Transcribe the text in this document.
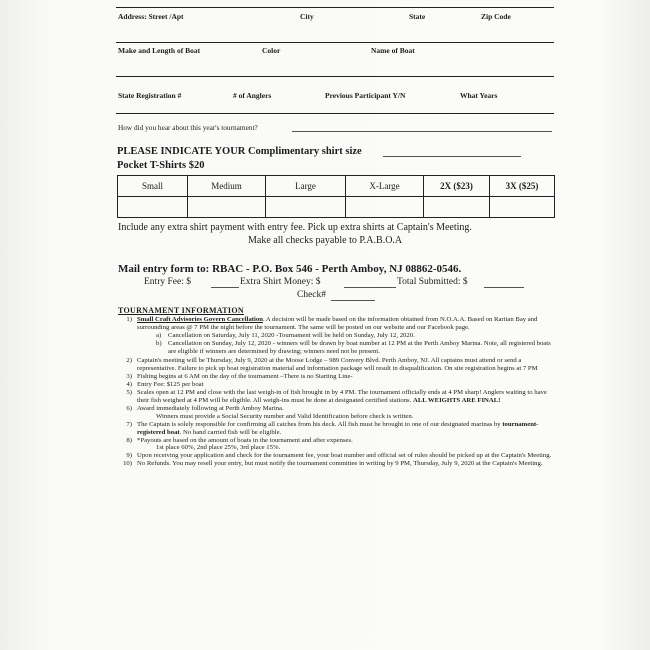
Address: Street /Apt	City	State	Zip Code
Make and Length of Boat	Color	Name of Boat
State Registration #	# of Anglers	Previous Participant Y/N	What Years
How did you hear about this year's tournament?
PLEASE INDICATE YOUR Complimentary shirt size
Pocket T-Shirts $20
Small	Medium	Large	X-Large	2X ($23)	3X ($25)

Include any extra shirt payment with entry fee. Pick up extra shirts at Captain's Meeting.
Make all checks payable to P.A.B.O.A
Mail entry form to: RBAC - P.O. Box 546 - Perth Amboy, NJ 08862-0546.
Entry Fee: $	Extra Shirt Money: $	Total Submitted: $
Check#
TOURNAMENT INFORMATION
1) Small Craft Advisories Govern Cancellation. A decision will be made based on the information obtained from N.O.A.A. Based on Raritan Bay and surrounding areas @ 7 PM the night before the tournament. The same will be posted on our website and our Facebook page.
a)	Cancellation on Saturday, July 11, 2020 -Tournament will be held on Sunday, July 12, 2020.
b) Cancellation on Sunday, July 12, 2020 - winners will be drawn by boat number at 12 PM at the Perth Amboy Marina. Note, all registered boats are eligible if winners are determined by drawing; winners need not be present.
2) Captain's meeting will be Thursday, July 9, 2020 at the Moose Lodge – 989 Convery Blvd. Perth Amboy, NJ. All captains must attend or send a representative. Failure to pick up boat registration material and information package will result in disqualification. On site registration begins at 7 PM
3) Fishing begins at 6 AM on the day of the tournament –There is no Starting Line-
4) Entry Fee: $125 per boat
5) Scales open at 12 PM and close with the last weigh-in of fish brought in by 4 PM. The tournament officially ends at 4 PM sharp! Anglers waiting to have their fish weighed at 4 PM will be eligible. All weigh-ins must be done at designated certified stations. ALL WEIGHTS ARE FINAL!
6) Award immediately following at Perth Amboy Marina.
Winners must provide a Social Security number and Valid Identification before check is written.
7) The Captain is solely responsible for confirming all catches from his deck. All fish must be brought to one of our designated marinas by tournament-registered boat. No hand carried fish will be eligible.
8) *Payouts are based on the amount of boats in the tournament and after expenses.
1st place 60%, 2nd place 25%, 3rd place 15%.
9) Upon receiving your application and check for the tournament fee, your boat number and official set of rules should be picked up at the Captain's Meeting.
10) No Refunds. You may resell your entry, but must notify the tournament committee in writing by 9 PM, Thursday, July 9, 2020 at the Captain's Meeting.
